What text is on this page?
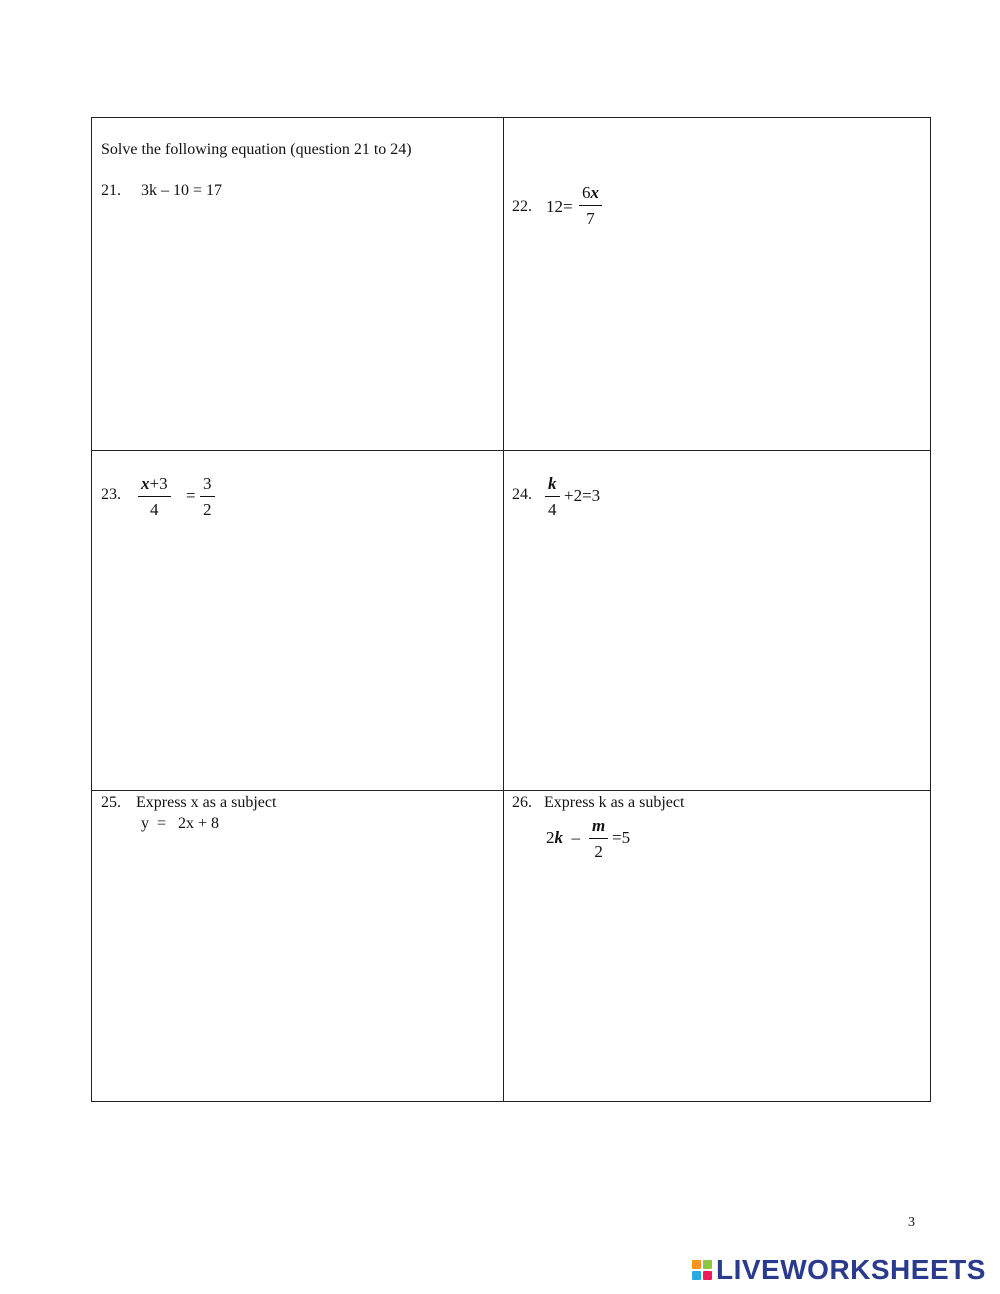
Solve the following equation (question 21 to 24)
21. 3k – 10 = 17
22. $12= \frac{6x}{7}$
23. $\frac{x+3}{4} = \frac{3}{2}$	24. $\frac{k}{4} +2=3$
25. Express x as a subject
y  =   2x + 8
26. Express k as a subject
$2k - \frac{m}{2} =5$
3
LIVEWORKSHEETS
